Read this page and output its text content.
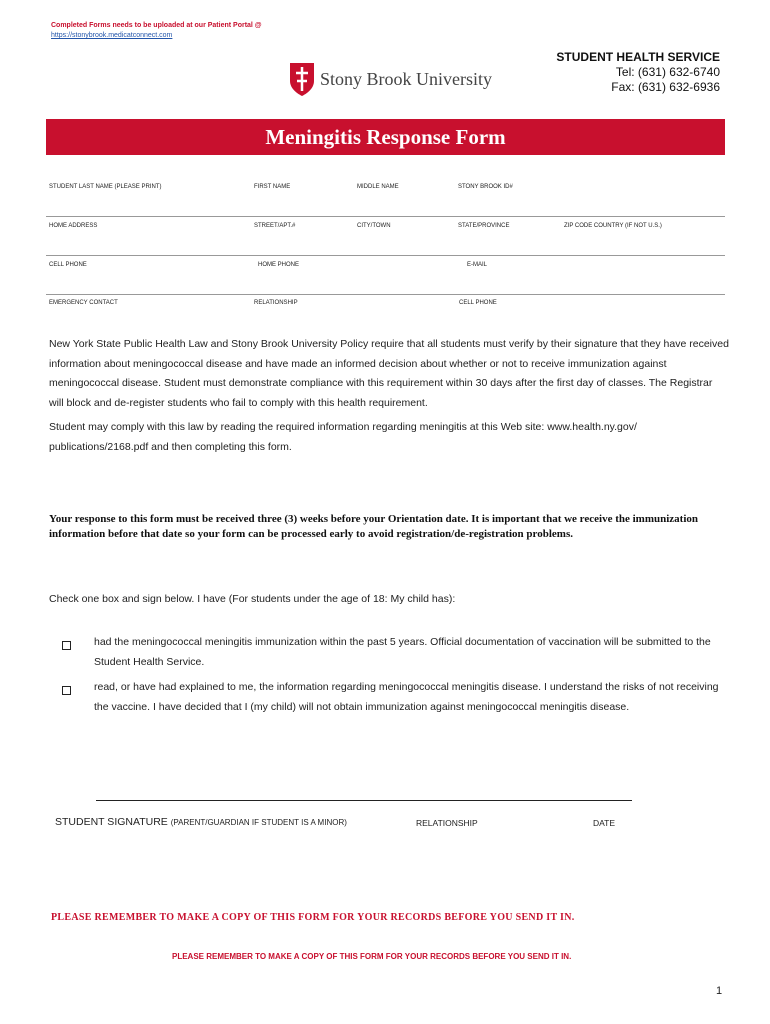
Completed Forms needs to be uploaded at our Patient Portal @
https://stonybrook.medicatconnect.com
Stony Brook University
STUDENT HEALTH SERVICE
Tel: (631) 632-6740
Fax: (631) 632-6936
Meningitis Response Form
STUDENT LAST NAME (PLEASE PRINT)	FIRST NAME	MIDDLE NAME	STONY BROOK ID#
HOME ADDRESS	STREET/APT.#	CITY/TOWN	STATE/PROVINCE	ZIP CODE COUNTRY (IF NOT U.S.)
CELL PHONE	HOME PHONE	E-MAIL
EMERGENCY CONTACT	RELATIONSHIP	CELL PHONE
New York State Public Health Law and Stony Brook University Policy require that all students must verify by their signature that they have received information about meningococcal disease and have made an informed decision about whether or not to receive immunization against meningococcal disease. Student must demonstrate compliance with this requirement within 30 days after the first day of classes. The Registrar will block and de-register students who fail to comply with this health requirement.
Student may comply with this law by reading the required information regarding meningitis at this Web site: www.health.ny.gov/ publications/2168.pdf and then completing this form.
Your response to this form must be received three (3) weeks before your Orientation date. It is important that we receive the immunization information before that date so your form can be processed early to avoid registration/de-registration problems.
Check one box and sign below. I have (For students under the age of 18: My child has):
had the meningococcal meningitis immunization within the past 5 years. Official documentation of vaccination will be submitted to the Student Health Service.
read, or have had explained to me, the information regarding meningococcal meningitis disease. I understand the risks of not receiving the vaccine. I have decided that I (my child) will not obtain immunization against meningococcal meningitis disease.
STUDENT SIGNATURE (PARENT/GUARDIAN IF STUDENT IS A MINOR)	RELATIONSHIP	DATE
PLEASE REMEMBER TO MAKE A COPY OF THIS FORM FOR YOUR RECORDS BEFORE YOU SEND IT IN.
PLEASE REMEMBER TO MAKE A COPY OF THIS FORM FOR YOUR RECORDS BEFORE YOU SEND IT IN.
1
